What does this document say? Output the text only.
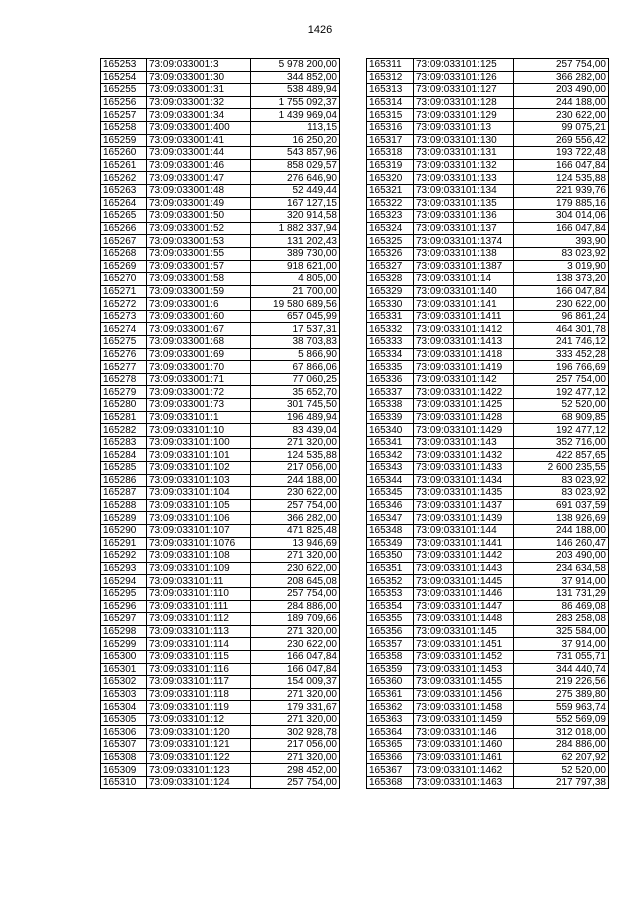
1426
165253	73:09:033001:3	5 978 200,00
165254	73:09:033001:30	344 852,00
165255	73:09:033001:31	538 489,94
165256	73:09:033001:32	1 755 092,37
165257	73:09:033001:34	1 439 969,04
165258	73:09:033001:400	113,15
165259	73:09:033001:41	16 250,20
165260	73:09:033001:44	543 857,96
165261	73:09:033001:46	858 029,57
165262	73:09:033001:47	276 646,90
165263	73:09:033001:48	52 449,44
165264	73:09:033001:49	167 127,15
165265	73:09:033001:50	320 914,58
165266	73:09:033001:52	1 882 337,94
165267	73:09:033001:53	131 202,43
165268	73:09:033001:55	389 730,00
165269	73:09:033001:57	918 621,00
165270	73:09:033001:58	4 805,00
165271	73:09:033001:59	21 700,00
165272	73:09:033001:6	19 580 689,56
165273	73:09:033001:60	657 045,99
165274	73:09:033001:67	17 537,31
165275	73:09:033001:68	38 703,83
165276	73:09:033001:69	5 866,90
165277	73:09:033001:70	67 866,06
165278	73:09:033001:71	77 060,25
165279	73:09:033001:72	35 652,70
165280	73:09:033001:73	301 745,50
165281	73:09:033101:1	196 489,94
165282	73:09:033101:10	83 439,04
165283	73:09:033101:100	271 320,00
165284	73:09:033101:101	124 535,88
165285	73:09:033101:102	217 056,00
165286	73:09:033101:103	244 188,00
165287	73:09:033101:104	230 622,00
165288	73:09:033101:105	257 754,00
165289	73:09:033101:106	366 282,00
165290	73:09:033101:107	471 825,48
165291	73:09:033101:1076	13 946,69
165292	73:09:033101:108	271 320,00
165293	73:09:033101:109	230 622,00
165294	73:09:033101:11	208 645,08
165295	73:09:033101:110	257 754,00
165296	73:09:033101:111	284 886,00
165297	73:09:033101:112	189 709,66
165298	73:09:033101:113	271 320,00
165299	73:09:033101:114	230 622,00
165300	73:09:033101:115	166 047,84
165301	73:09:033101:116	166 047,84
165302	73:09:033101:117	154 009,37
165303	73:09:033101:118	271 320,00
165304	73:09:033101:119	179 331,67
165305	73:09:033101:12	271 320,00
165306	73:09:033101:120	302 928,78
165307	73:09:033101:121	217 056,00
165308	73:09:033101:122	271 320,00
165309	73:09:033101:123	298 452,00
165310	73:09:033101:124	257 754,00
165311	73:09:033101:125	257 754,00
165312	73:09:033101:126	366 282,00
165313	73:09:033101:127	203 490,00
165314	73:09:033101:128	244 188,00
165315	73:09:033101:129	230 622,00
165316	73:09:033101:13	99 075,21
165317	73:09:033101:130	269 556,42
165318	73:09:033101:131	193 722,48
165319	73:09:033101:132	166 047,84
165320	73:09:033101:133	124 535,88
165321	73:09:033101:134	221 939,76
165322	73:09:033101:135	179 885,16
165323	73:09:033101:136	304 014,06
165324	73:09:033101:137	166 047,84
165325	73:09:033101:1374	393,90
165326	73:09:033101:138	83 023,92
165327	73:09:033101:1387	3 019,90
165328	73:09:033101:14	138 373,20
165329	73:09:033101:140	166 047,84
165330	73:09:033101:141	230 622,00
165331	73:09:033101:1411	96 861,24
165332	73:09:033101:1412	464 301,78
165333	73:09:033101:1413	241 746,12
165334	73:09:033101:1418	333 452,28
165335	73:09:033101:1419	196 766,69
165336	73:09:033101:142	257 754,00
165337	73:09:033101:1422	192 477,12
165338	73:09:033101:1425	52 520,00
165339	73:09:033101:1428	68 909,85
165340	73:09:033101:1429	192 477,12
165341	73:09:033101:143	352 716,00
165342	73:09:033101:1432	422 857,65
165343	73:09:033101:1433	2 600 235,55
165344	73:09:033101:1434	83 023,92
165345	73:09:033101:1435	83 023,92
165346	73:09:033101:1437	691 037,59
165347	73:09:033101:1439	138 926,69
165348	73:09:033101:144	244 188,00
165349	73:09:033101:1441	146 260,47
165350	73:09:033101:1442	203 490,00
165351	73:09:033101:1443	234 634,58
165352	73:09:033101:1445	37 914,00
165353	73:09:033101:1446	131 731,29
165354	73:09:033101:1447	86 469,08
165355	73:09:033101:1448	283 258,08
165356	73:09:033101:145	325 584,00
165357	73:09:033101:1451	37 914,00
165358	73:09:033101:1452	731 055,71
165359	73:09:033101:1453	344 440,74
165360	73:09:033101:1455	219 226,56
165361	73:09:033101:1456	275 389,80
165362	73:09:033101:1458	559 963,74
165363	73:09:033101:1459	552 569,09
165364	73:09:033101:146	312 018,00
165365	73:09:033101:1460	284 886,00
165366	73:09:033101:1461	62 207,92
165367	73:09:033101:1462	52 520,00
165368	73:09:033101:1463	217 797,38
